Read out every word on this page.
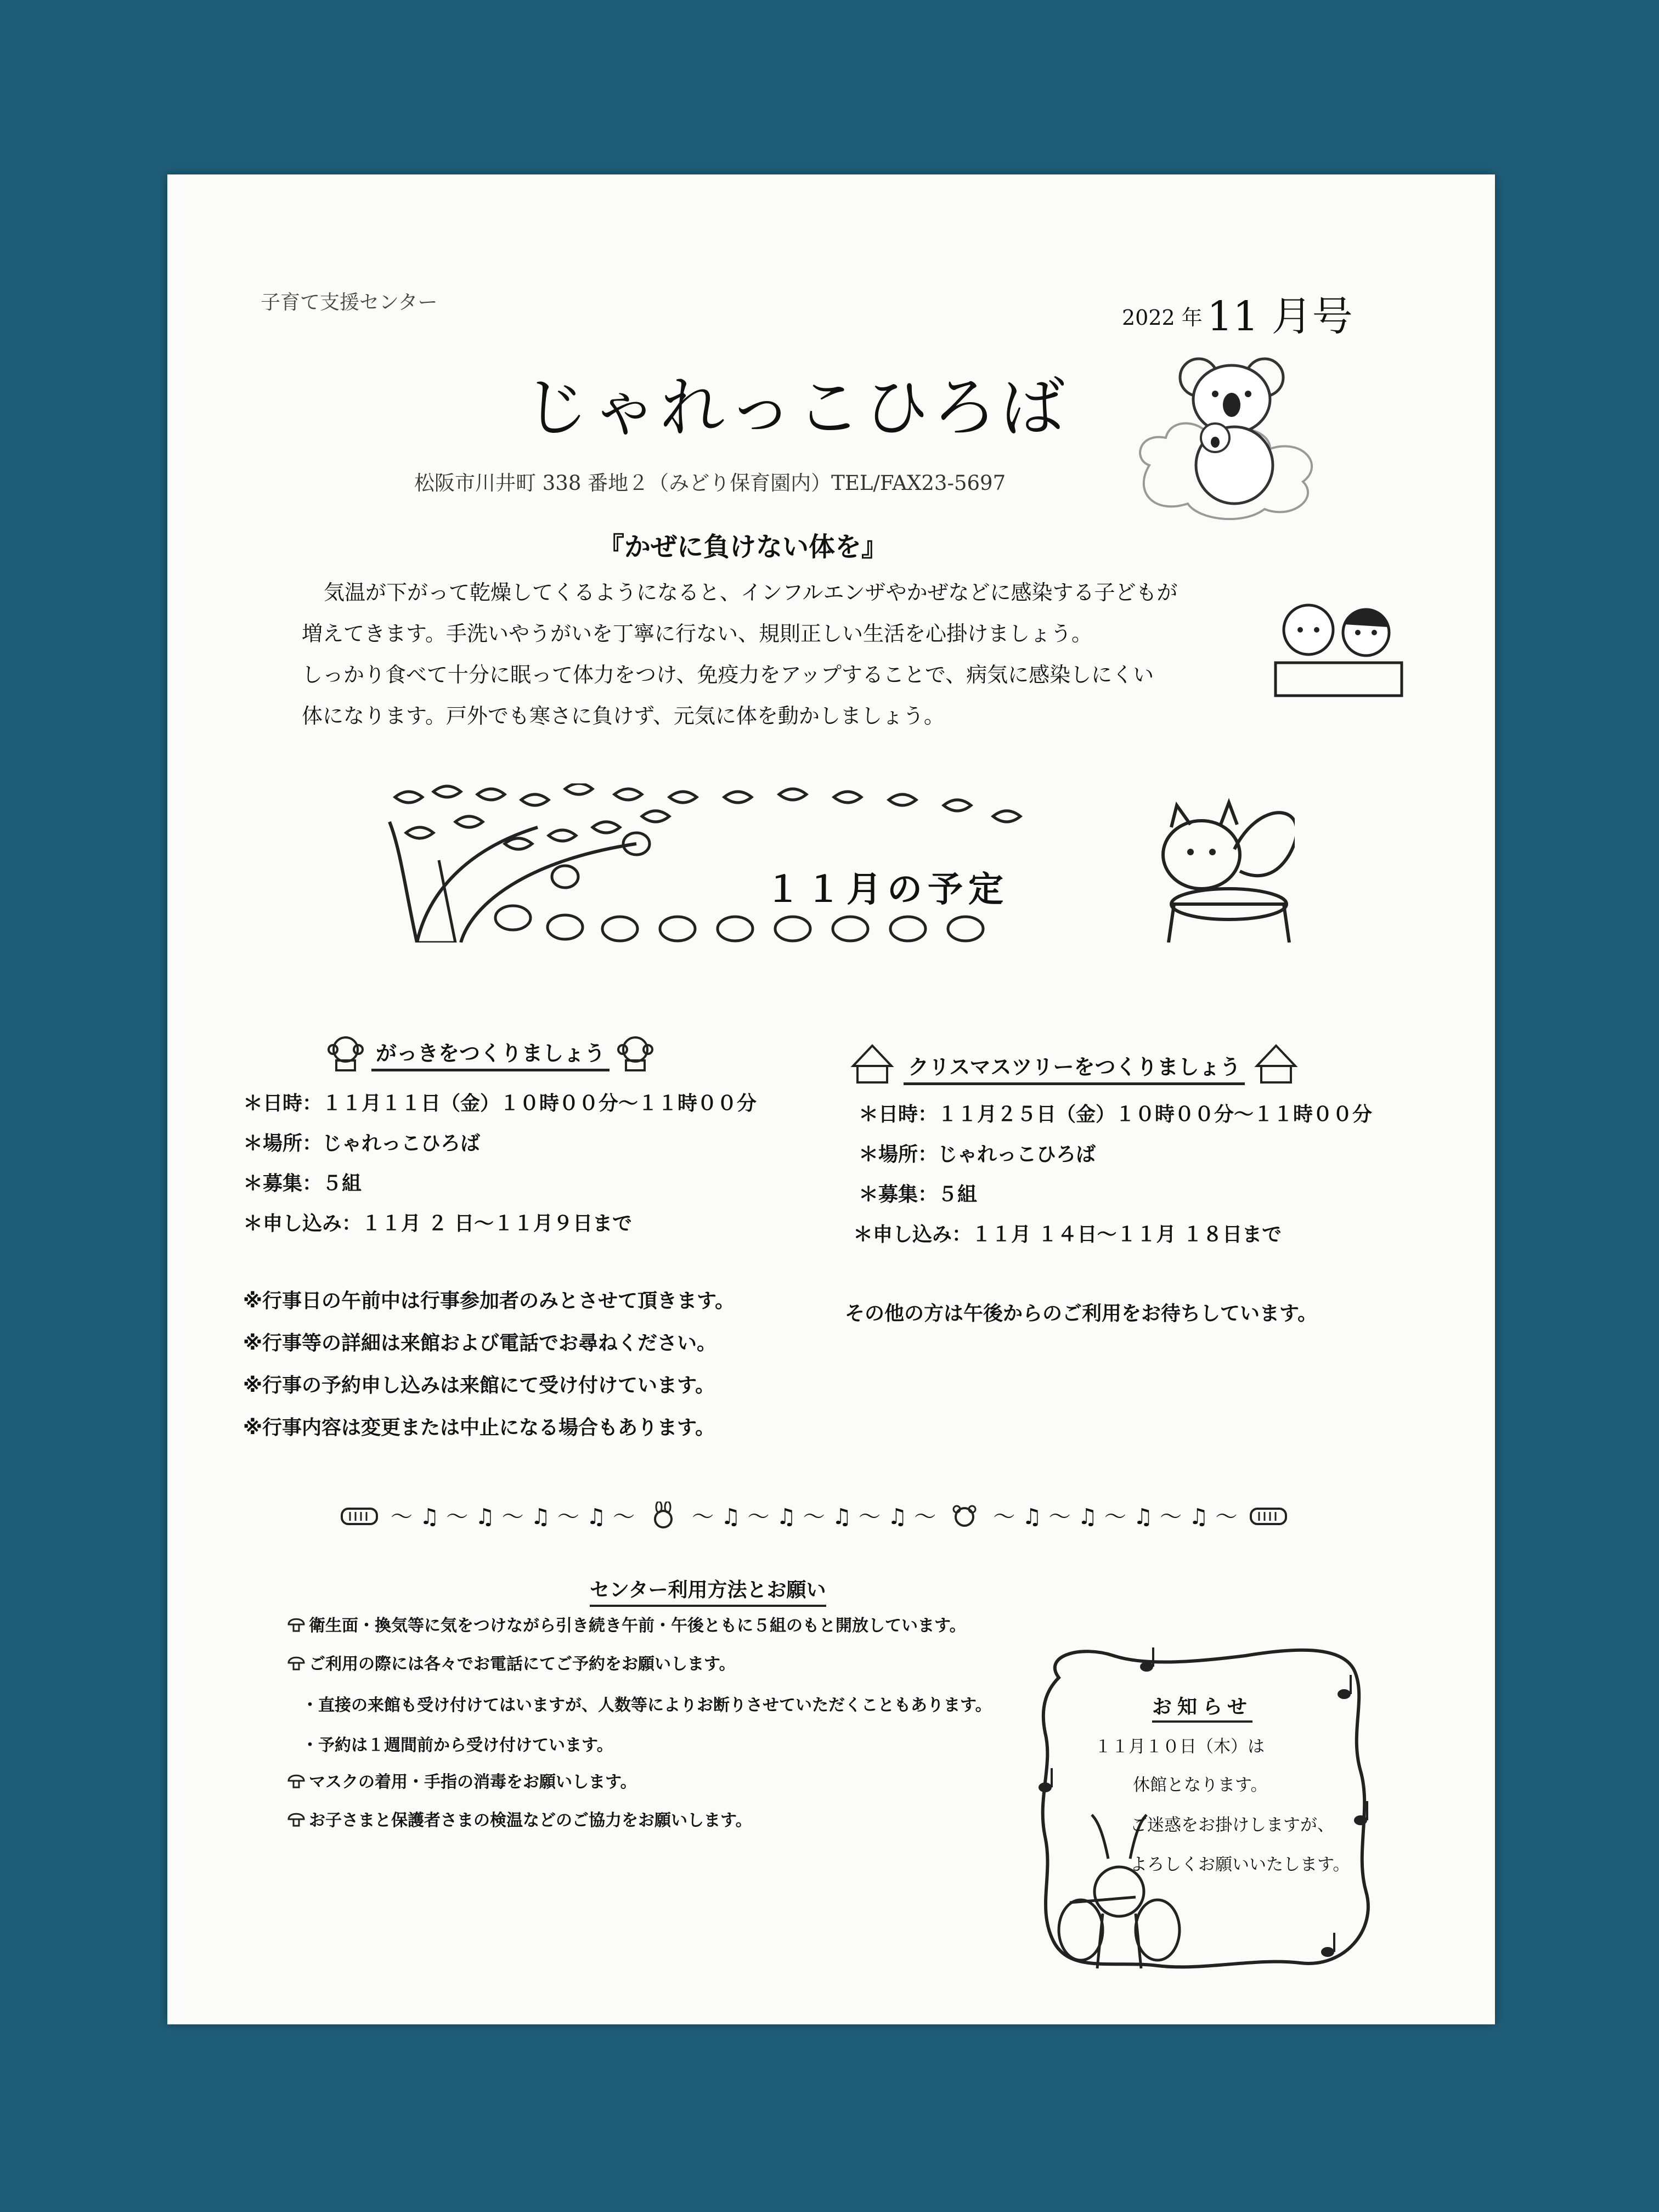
子育て支援センター
2022 年 11 月号
じゃれっこひろば
松阪市川井町 338 番地２（みどり保育園内）TEL/FAX23-5697
『かぜに負けない体を』
気温が下がって乾燥してくるようになると、インフルエンザやかぜなどに感染する子どもが
増えてきます。手洗いやうがいを丁寧に行ない、規則正しい生活を心掛けましょう。
しっかり食べて十分に眠って体力をつけ、免疫力をアップすることで、病気に感染しにくい
体になります。戸外でも寒さに負けず、元気に体を動かしましょう。
１１月の予定
がっきをつくりましょう
＊日時：１１月１１日（金）１０時００分～１１時００分
＊場所：じゃれっこひろば
＊募集：５組
＊申し込み：１１月 ２ 日～１１月９日まで
クリスマスツリーをつくりましょう
＊日時：１１月２５日（金）１０時００分～１１時００分
＊場所：じゃれっこひろば
＊募集：５組
＊申し込み：１１月 １４日～１１月 １８日まで
※行事日の午前中は行事参加者のみとさせて頂きます。
※行事等の詳細は来館および電話でお尋ねください。
※行事の予約申し込みは来館にて受け付けています。
※行事内容は変更または中止になる場合もあります。
その他の方は午後からのご利用をお待ちしています。
〜 ♫ 〜 ♫ 〜 ♫ 〜 ♫ 〜	〜 ♫ 〜 ♫ 〜 ♫ 〜 ♫ 〜	〜 ♫ 〜 ♫ 〜 ♫ 〜 ♫ 〜
センター利用方法とお願い
衛生面・換気等に気をつけながら引き続き午前・午後ともに５組のもと開放しています。
ご利用の際には各々でお電話にてご予約をお願いします。
・直接の来館も受け付けてはいますが、人数等によりお断りさせていただくこともあります。
・予約は１週間前から受け付けています。
マスクの着用・手指の消毒をお願いします。
お子さまと保護者さまの検温などのご協力をお願いします。
お知らせ
１１月１０日（木）は
休館となります。
ご迷惑をお掛けしますが、
よろしくお願いいたします。
